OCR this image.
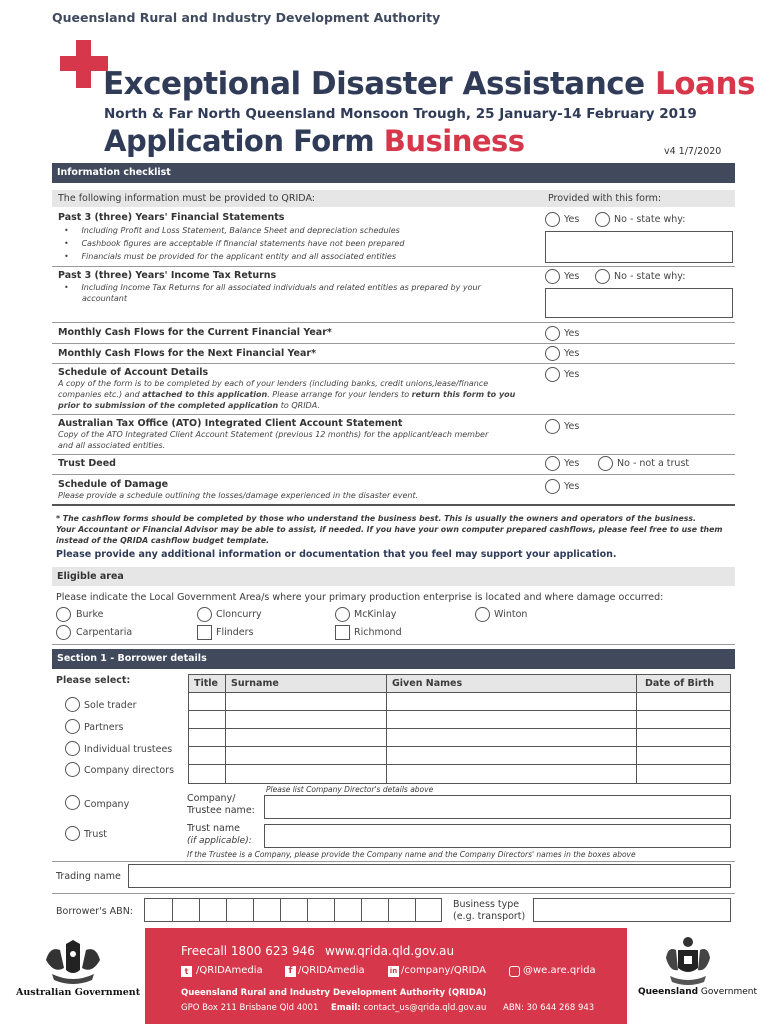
Queensland Rural and Industry Development Authority
Exceptional Disaster Assistance Loans
North & Far North Queensland Monsoon Trough, 25 January-14 February 2019
Application Form Business	v4 1/7/2020
Information checklist
The following information must be provided to QRIDA:	Provided with this form:
Past 3 (three) Years' Financial Statements
•     Including Profit and Loss Statement, Balance Sheet and depreciation schedules
•     Cashbook figures are acceptable if financial statements have not been prepared
•     Financials must be provided for the applicant entity and all associated entities
Yes	No - state why:
Past 3 (three) Years' Income Tax Returns
•     Including Income Tax Returns for all associated individuals and related entities as prepared by your
accountant
Yes	No - state why:
Monthly Cash Flows for the Current Financial Year*	Yes
Monthly Cash Flows for the Next Financial Year*	Yes
Schedule of Account Details
A copy of the form is to be completed by each of your lenders (including banks, credit unions,lease/finance
companies etc.) and attached to this application. Please arrange for your lenders to return this form to you
prior to submission of the completed application to QRIDA.
Yes
Australian Tax Office (ATO) Integrated Client Account Statement
Copy of the ATO Integrated Client Account Statement (previous 12 months) for the applicant/each member
and all associated entities.
Yes
Trust Deed	Yes	No - not a trust
Schedule of Damage
Please provide a schedule outlining the losses/damage experienced in the disaster event.
Yes
* The cashflow forms should be completed by those who understand the business best. This is usually the owners and operators of the business.
Your Accountant or Financial Advisor may be able to assist, if needed. If you have your own computer prepared cashflows, please feel free to use them
instead of the QRIDA cashflow budget template.
Please provide any additional information or documentation that you feel may support your application.
Eligible area
Please indicate the Local Government Area/s where your primary production enterprise is located and where damage occurred:
Burke	Cloncurry	McKinlay	Winton
Carpentaria	Flinders	Richmond
Section 1 - Borrower details
Please select:	Title Surname	Given Names	Date of Birth
Sole trader
Partners
Individual trustees
Company directors
Please list Company Director's details above
Company
Company/
Trustee name:
Trust
Trust name
(if applicable):
If the Trustee is a Company, please provide the Company name and the Company Directors' names in the boxes above
Trading name
Borrower's ABN:
Business type
(e.g. transport)
Australian Government	Queensland Government
Freecall 1800 623 946 www.qrida.qld.gov.au
t /QRIDAmedia	f /QRIDAmedia	in /company/QRIDA	@we.are.qrida
Queensland Rural and Industry Development Authority (QRIDA)
GPO Box 211 Brisbane Qld 4001 Email: contact_us@qrida.qld.gov.au ABN: 30 644 268 943
